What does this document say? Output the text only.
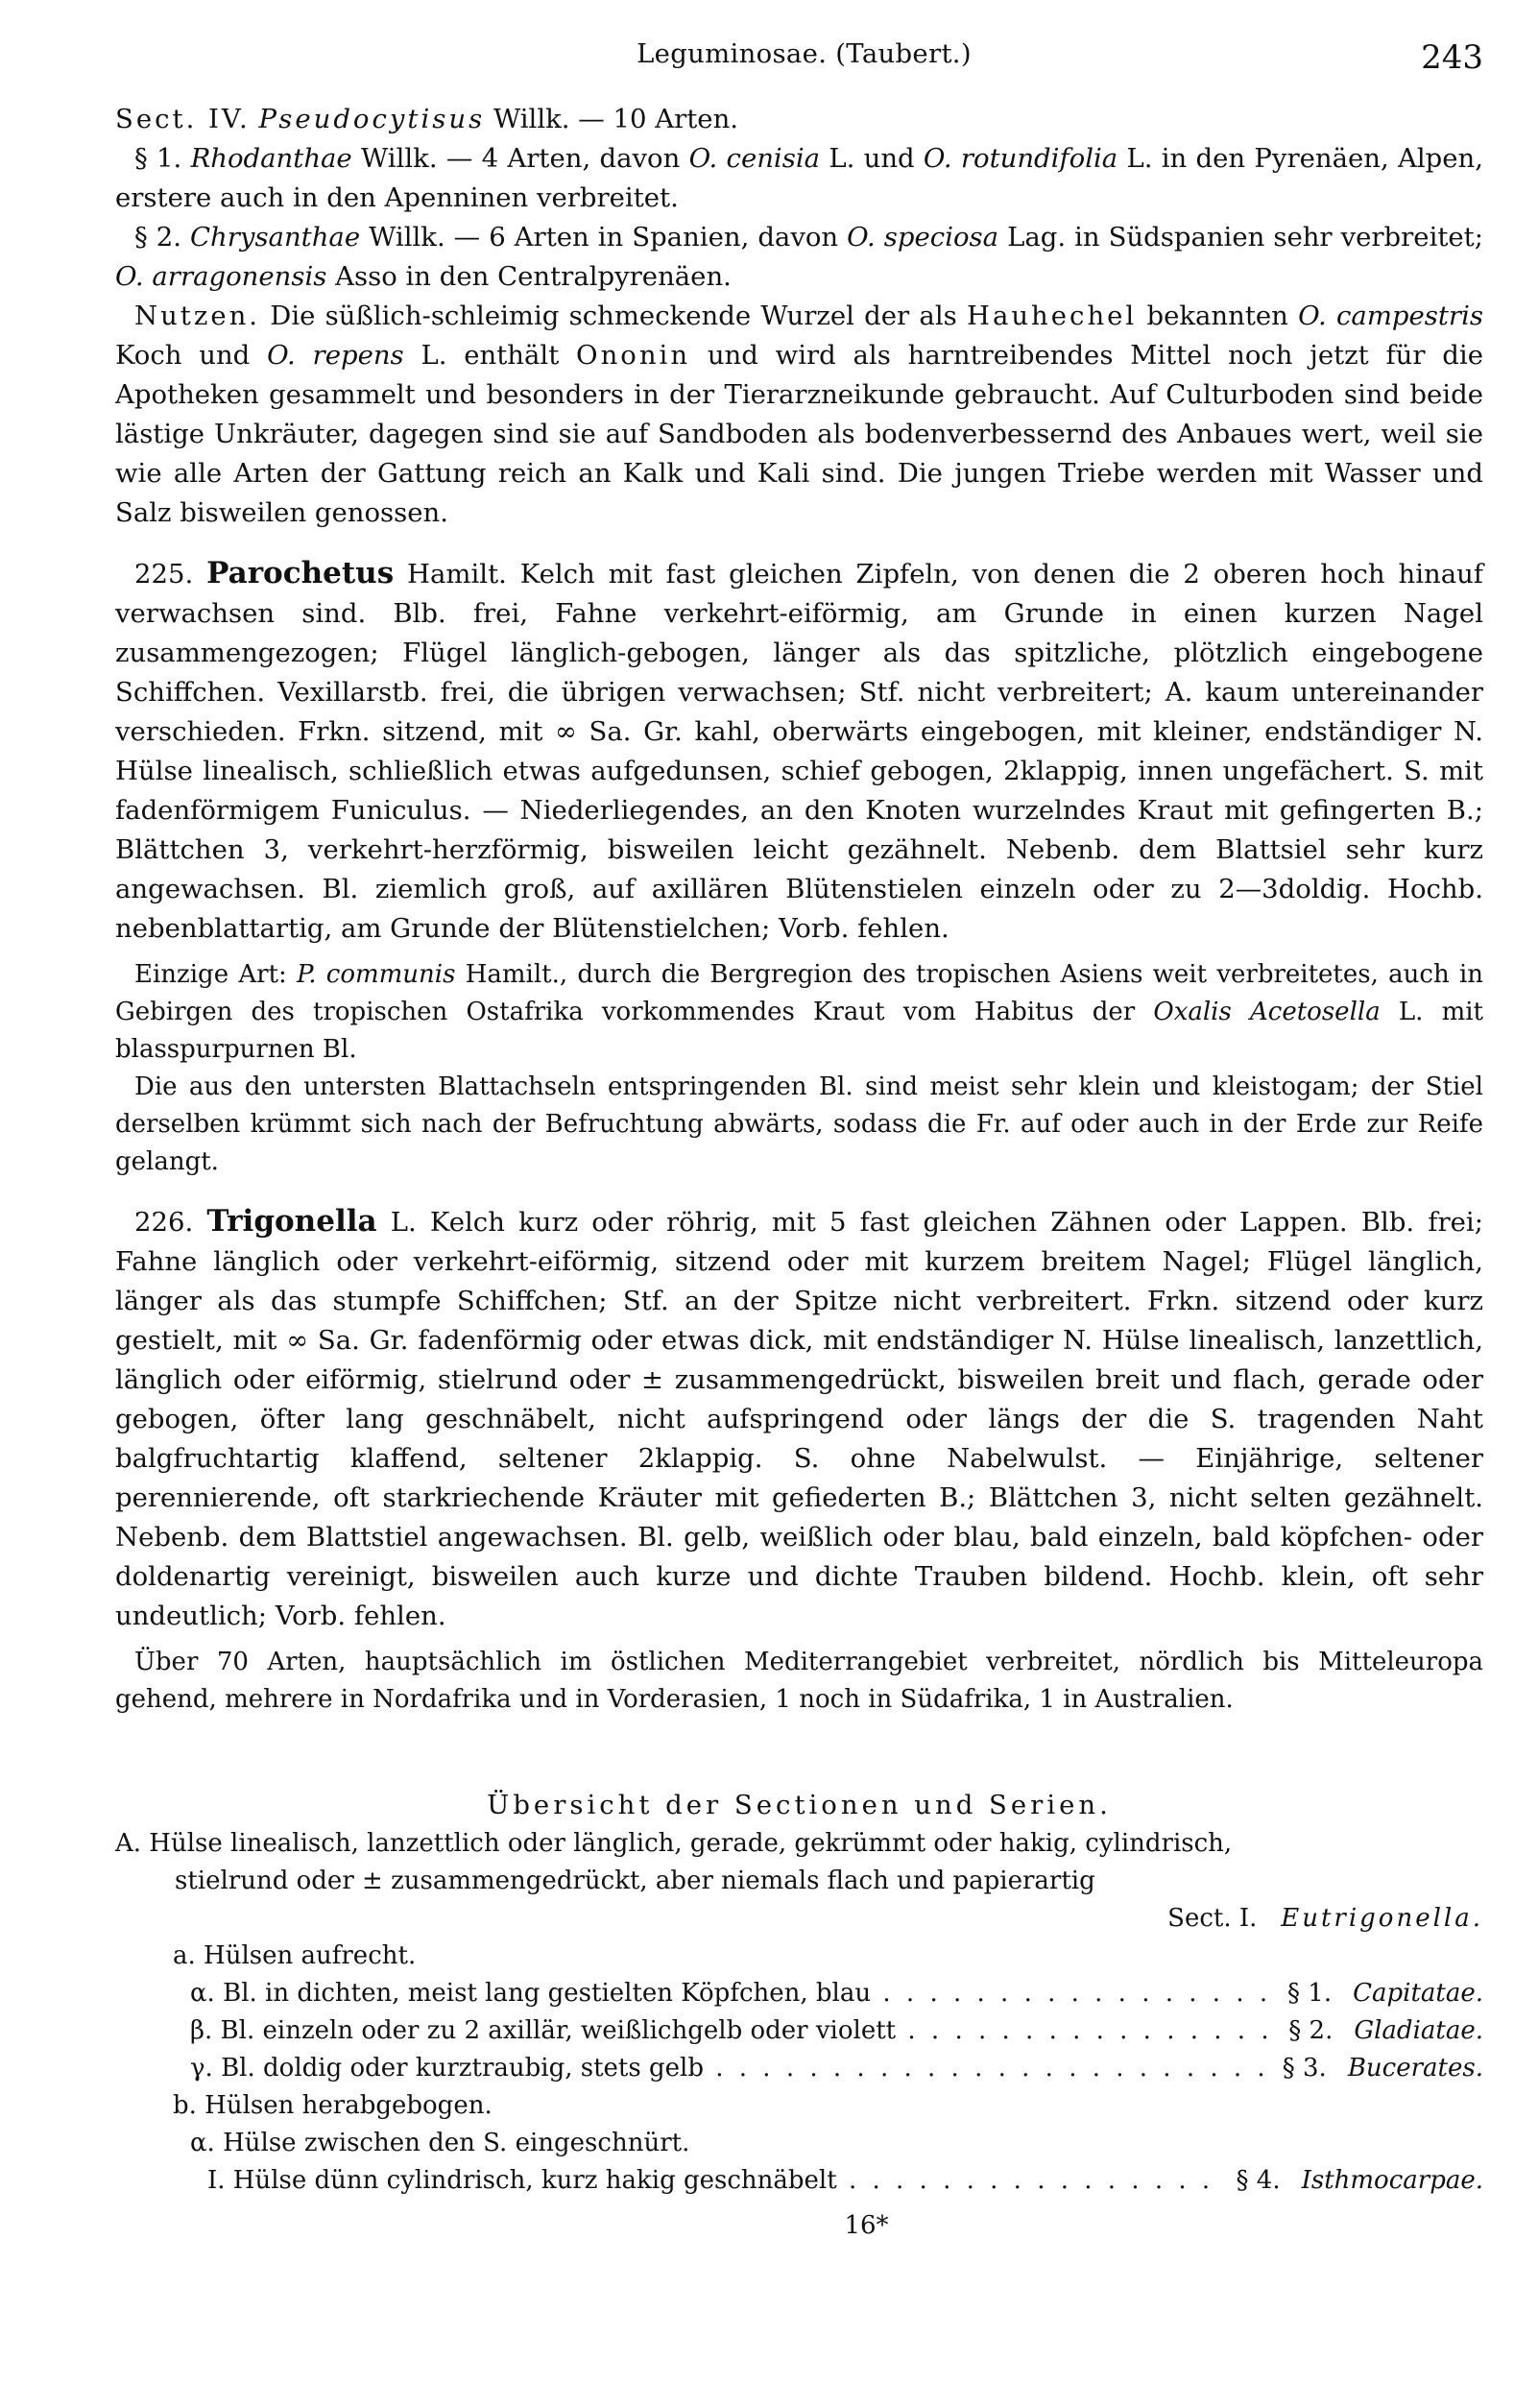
Leguminosae. (Taubert.)	243

Sect. IV. Pseudocytisus Willk. — 10 Arten.

§ 1. Rhodanthae Willk. — 4 Arten, davon O. cenisia L. und O. rotundifolia L. in den Pyrenäen, Alpen, erstere auch in den Apenninen verbreitet.

§ 2. Chrysanthae Willk. — 6 Arten in Spanien, davon O. speciosa Lag. in Südspanien sehr verbreitet; O. arragonensis Asso in den Centralpyrenäen.

Nutzen. Die süßlich-schleimig schmeckende Wurzel der als Hauhechel bekannten O. campestris Koch und O. repens L. enthält Ononin und wird als harntreibendes Mittel noch jetzt für die Apotheken gesammelt und besonders in der Tierarzneikunde gebraucht. Auf Culturboden sind beide lästige Unkräuter, dagegen sind sie auf Sandboden als bodenverbessernd des Anbaues wert, weil sie wie alle Arten der Gattung reich an Kalk und Kali sind. Die jungen Triebe werden mit Wasser und Salz bisweilen genossen.

225. Parochetus Hamilt. Kelch mit fast gleichen Zipfeln, von denen die 2 oberen hoch hinauf verwachsen sind. Blb. frei, Fahne verkehrt-eiförmig, am Grunde in einen kurzen Nagel zusammengezogen; Flügel länglich-gebogen, länger als das spitzliche, plötzlich eingebogene Schiffchen. Vexillarstb. frei, die übrigen verwachsen; Stf. nicht verbreitert; A. kaum untereinander verschieden. Frkn. sitzend, mit ∞ Sa. Gr. kahl, oberwärts eingebogen, mit kleiner, endständiger N. Hülse linealisch, schließlich etwas aufgedunsen, schief gebogen, 2klappig, innen ungefächert. S. mit fadenförmigem Funiculus. — Niederliegendes, an den Knoten wurzelndes Kraut mit gefingerten B.; Blättchen 3, verkehrt-herzförmig, bisweilen leicht gezähnelt. Nebenb. dem Blattsiel sehr kurz angewachsen. Bl. ziemlich groß, auf axillären Blütenstielen einzeln oder zu 2—3doldig. Hochb. nebenblattartig, am Grunde der Blütenstielchen; Vorb. fehlen.

Einzige Art: P. communis Hamilt., durch die Bergregion des tropischen Asiens weit verbreitetes, auch in Gebirgen des tropischen Ostafrika vorkommendes Kraut vom Habitus der Oxalis Acetosella L. mit blasspurpurnen Bl.

Die aus den untersten Blattachseln entspringenden Bl. sind meist sehr klein und kleistogam; der Stiel derselben krümmt sich nach der Befruchtung abwärts, sodass die Fr. auf oder auch in der Erde zur Reife gelangt.

226. Trigonella L. Kelch kurz oder röhrig, mit 5 fast gleichen Zähnen oder Lappen. Blb. frei; Fahne länglich oder verkehrt-eiförmig, sitzend oder mit kurzem breitem Nagel; Flügel länglich, länger als das stumpfe Schiffchen; Stf. an der Spitze nicht verbreitert. Frkn. sitzend oder kurz gestielt, mit ∞ Sa. Gr. fadenförmig oder etwas dick, mit endständiger N. Hülse linealisch, lanzettlich, länglich oder eiförmig, stielrund oder ± zusammengedrückt, bisweilen breit und flach, gerade oder gebogen, öfter lang geschnäbelt, nicht aufspringend oder längs der die S. tragenden Naht balgfruchtartig klaffend, seltener 2klappig. S. ohne Nabelwulst. — Einjährige, seltener perennierende, oft starkriechende Kräuter mit gefiederten B.; Blättchen 3, nicht selten gezähnelt. Nebenb. dem Blattstiel angewachsen. Bl. gelb, weißlich oder blau, bald einzeln, bald köpfchen- oder doldenartig vereinigt, bisweilen auch kurze und dichte Trauben bildend. Hochb. klein, oft sehr undeutlich; Vorb. fehlen.

Über 70 Arten, hauptsächlich im östlichen Mediterrangebiet verbreitet, nördlich bis Mitteleuropa gehend, mehrere in Nordafrika und in Vorderasien, 1 noch in Südafrika, 1 in Australien.

Übersicht der Sectionen und Serien.
A. Hülse linealisch, lanzettlich oder länglich, gerade, gekrümmt oder hakig, cylindrisch,
stielrund oder ± zusammengedrückt, aber niemals flach und papierartig
Sect. I. Eutrigonella.
a. Hülsen aufrecht.
α. Bl. in dichten, meist lang gestielten Köpfchen, blau . . .	§ 1. Capitatae.
β. Bl. einzeln oder zu 2 axillär, weißlichgelb oder violett . . .	§ 2. Gladiatae.
γ. Bl. doldig oder kurztraubig, stets gelb . . .	§ 3. Bucerates.
b. Hülsen herabgebogen.
α. Hülse zwischen den S. eingeschnürt.
I. Hülse dünn cylindrisch, kurz hakig geschnäbelt . . .	§ 4. Isthmocarpae.
16*
